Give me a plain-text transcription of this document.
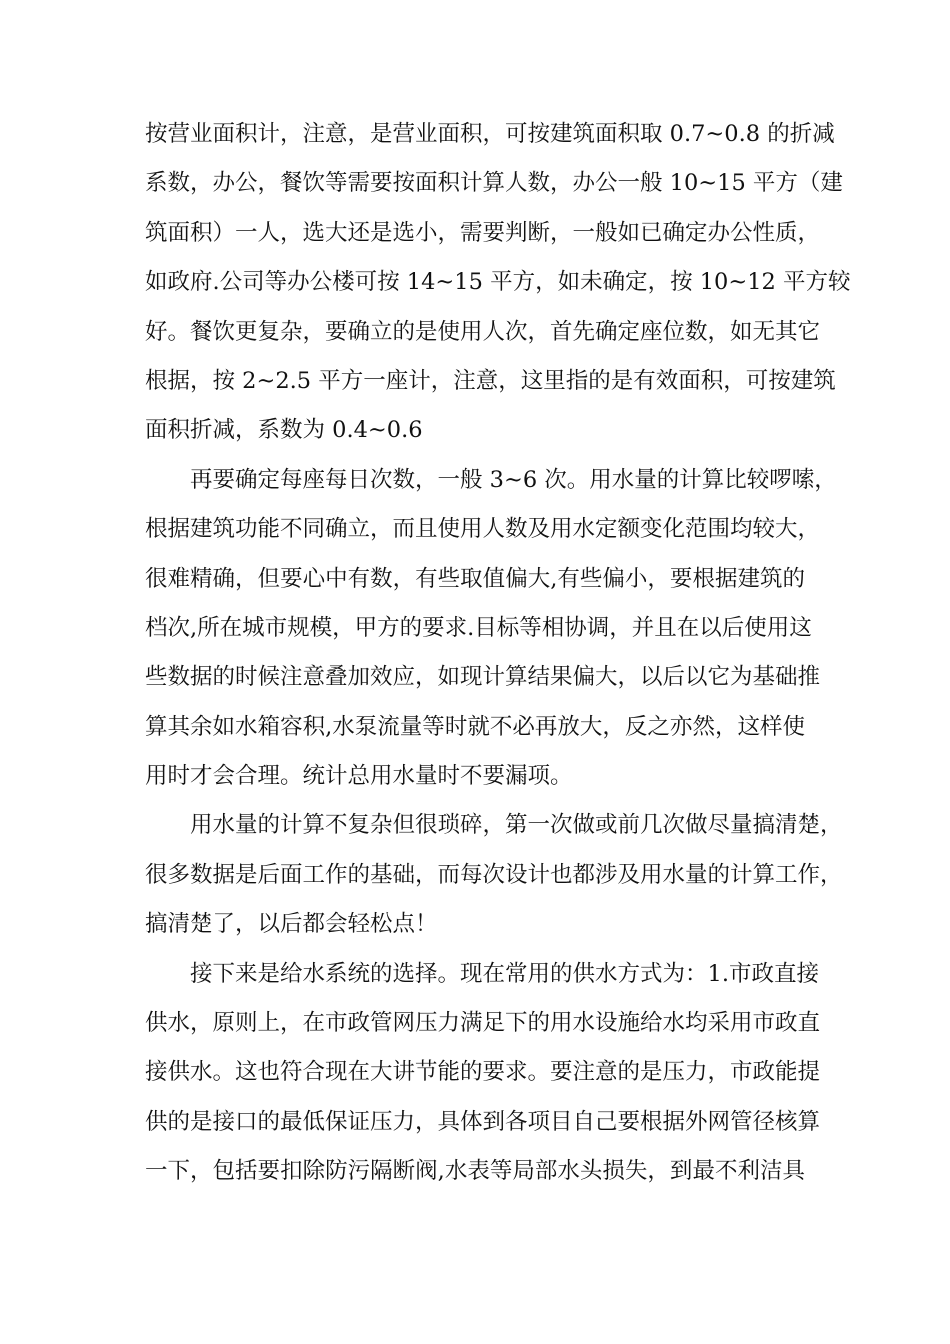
按营业面积计，注意，是营业面积，可按建筑面积取 0.7~0.8 的折减
系数，办公，餐饮等需要按面积计算人数，办公一般 10~15 平方（建
筑面积）一人，选大还是选小，需要判断，一般如已确定办公性质，
如政府.公司等办公楼可按 14~15 平方，如未确定，按 10~12 平方较
好。餐饮更复杂，要确立的是使用人次，首先确定座位数，如无其它
根据，按 2~2.5 平方一座计，注意，这里指的是有效面积，可按建筑
面积折减，系数为 0.4~0.6
再要确定每座每日次数，一般 3~6 次。用水量的计算比较啰嗦，
根据建筑功能不同确立，而且使用人数及用水定额变化范围均较大，
很难精确，但要心中有数，有些取值偏大,有些偏小，要根据建筑的
档次,所在城市规模，甲方的要求.目标等相协调，并且在以后使用这
些数据的时候注意叠加效应，如现计算结果偏大，以后以它为基础推
算其余如水箱容积,水泵流量等时就不必再放大，反之亦然，这样使
用时才会合理。统计总用水量时不要漏项。
用水量的计算不复杂但很琐碎，第一次做或前几次做尽量搞清楚，
很多数据是后面工作的基础，而每次设计也都涉及用水量的计算工作，
搞清楚了，以后都会轻松点！
接下来是给水系统的选择。现在常用的供水方式为：1.市政直接
供水，原则上，在市政管网压力满足下的用水设施给水均采用市政直
接供水。这也符合现在大讲节能的要求。要注意的是压力，市政能提
供的是接口的最低保证压力，具体到各项目自己要根据外网管径核算
一下，包括要扣除防污隔断阀,水表等局部水头损失，到最不利洁具
